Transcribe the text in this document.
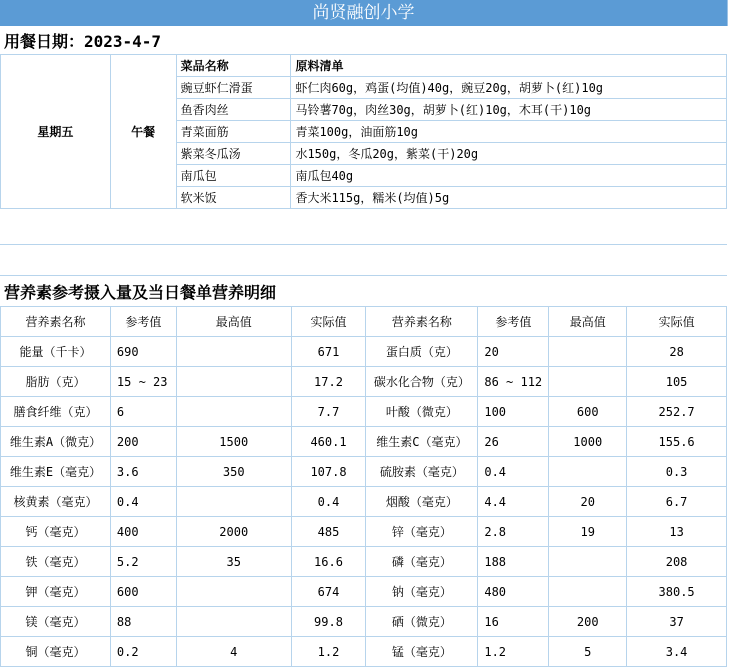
尚贤融创小学
用餐日期：2023-4-7
星期五	午餐	菜品名称	原料清单
		豌豆虾仁滑蛋	虾仁肉60g，鸡蛋(均值)40g，豌豆20g，胡萝卜(红)10g
		鱼香肉丝	马铃薯70g，肉丝30g，胡萝卜(红)10g，木耳(干)10g
		青菜面筋	青菜100g，油面筋10g
		紫菜冬瓜汤	水150g，冬瓜20g，紫菜(干)20g
		南瓜包	南瓜包40g
		软米饭	香大米115g，糯米(均值)5g
营养素参考摄入量及当日餐单营养明细
营养素名称	参考值	最高值	实际值	营养素名称	参考值	最高值	实际值
能量（千卡）	690		671	蛋白质（克）	20		28
脂肪（克）	15 ~ 23		17.2	碳水化合物（克）	86 ~ 112		105
膳食纤维（克）	6		7.7	叶酸（微克）	100	600	252.7
维生素A（微克）	200	1500	460.1	维生素C（毫克）	26	1000	155.6
维生素E（毫克）	3.6	350	107.8	硫胺素（毫克）	0.4		0.3
核黄素（毫克）	0.4		0.4	烟酸（毫克）	4.4	20	6.7
钙（毫克）	400	2000	485	锌（毫克）	2.8	19	13
铁（毫克）	5.2	35	16.6	磷（毫克）	188		208
钾（毫克）	600		674	钠（毫克）	480		380.5
镁（毫克）	88		99.8	硒（微克）	16	200	37
铜（毫克）	0.2	4	1.2	锰（毫克）	1.2	5	3.4
